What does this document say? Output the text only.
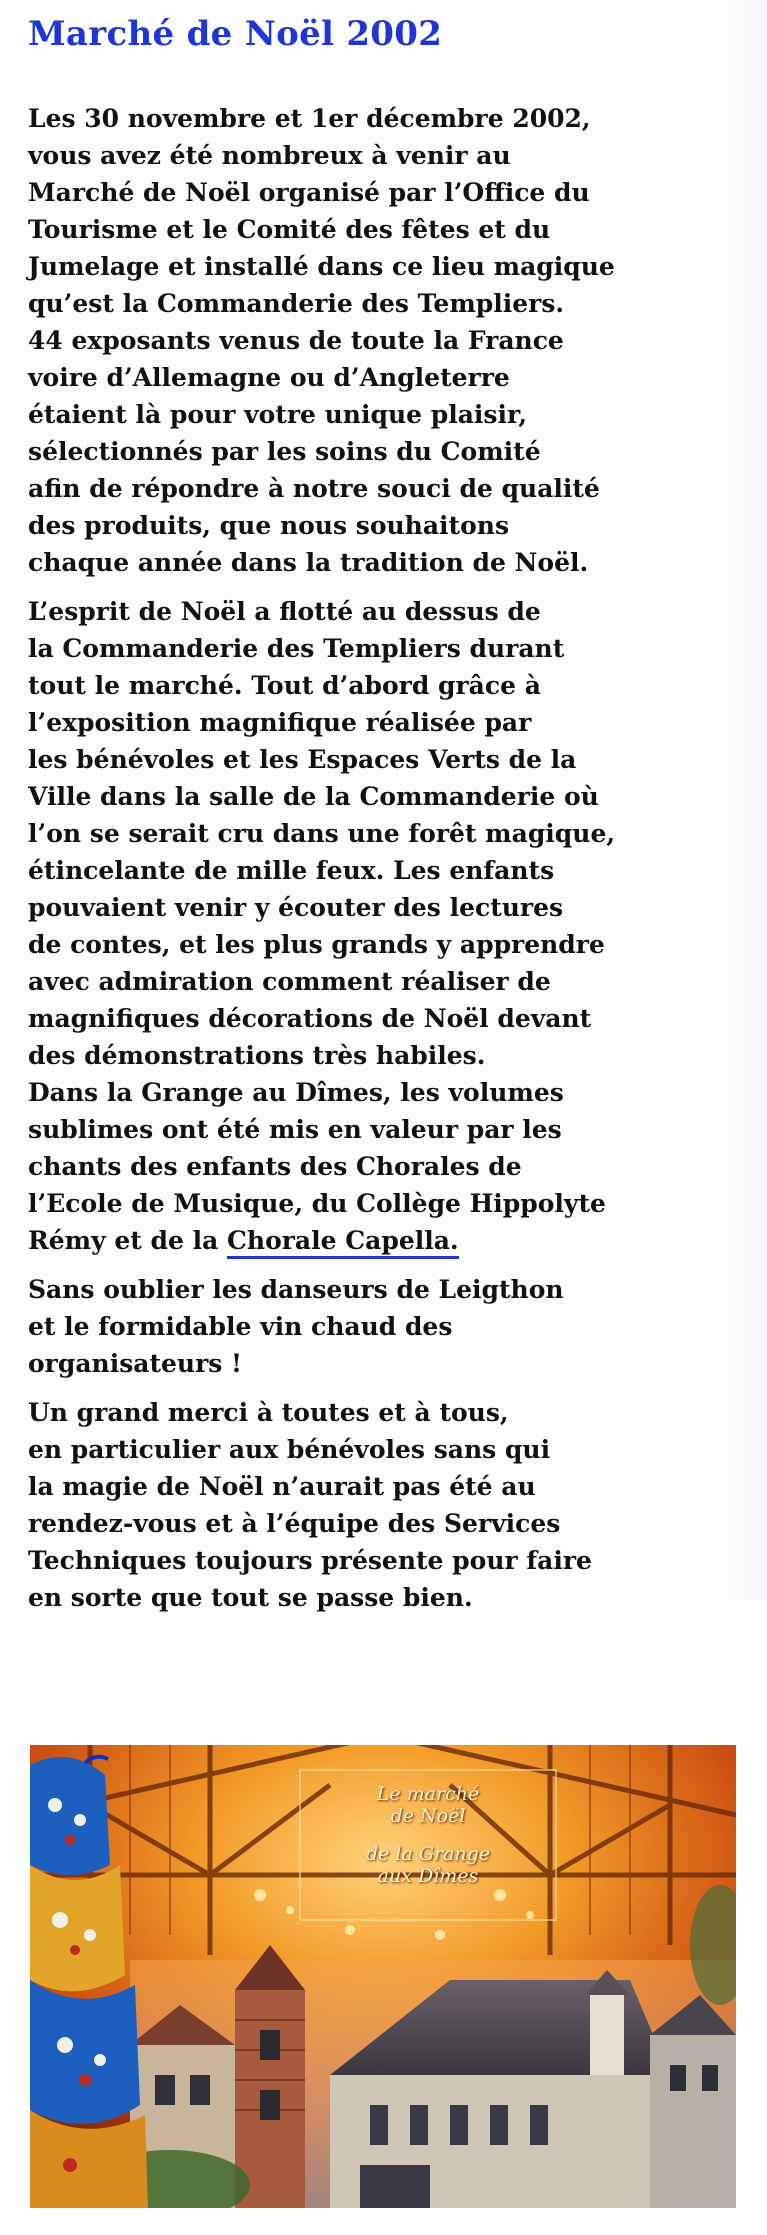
Marché de Noël 2002

Les 30 novembre et 1er décembre 2002,
vous avez été nombreux à venir au
Marché de Noël organisé par l’Office du
Tourisme et le Comité des fêtes et du
Jumelage et installé dans ce lieu magique
qu’est la Commanderie des Templiers.
44 exposants venus de toute la France
voire d’Allemagne ou d’Angleterre
étaient là pour votre unique plaisir,
sélectionnés par les soins du Comité
afin de répondre à notre souci de qualité
des produits, que nous souhaitons
chaque année dans la tradition de Noël.

L’esprit de Noël a flotté au dessus de
la Commanderie des Templiers durant
tout le marché. Tout d’abord grâce à
l’exposition magnifique réalisée par
les bénévoles et les Espaces Verts de la
Ville dans la salle de la Commanderie où
l’on se serait cru dans une forêt magique,
étincelante de mille feux. Les enfants
pouvaient venir y écouter des lectures
de contes, et les plus grands y apprendre
avec admiration comment réaliser de
magnifiques décorations de Noël devant
des démonstrations très habiles.
Dans la Grange au Dîmes, les volumes
sublimes ont été mis en valeur par les
chants des enfants des Chorales de
l’Ecole de Musique, du Collège Hippolyte
Rémy et de la Chorale Capella.

Sans oublier les danseurs de Leigthon
et le formidable vin chaud des
organisateurs !

Un grand merci à toutes et à tous,
en particulier aux bénévoles sans qui
la magie de Noël n’aurait pas été au
rendez-vous et à l’équipe des Services
Techniques toujours présente pour faire
en sorte que tout se passe bien.

Le marché
de Noël
de la Grange
aux Dîmes
